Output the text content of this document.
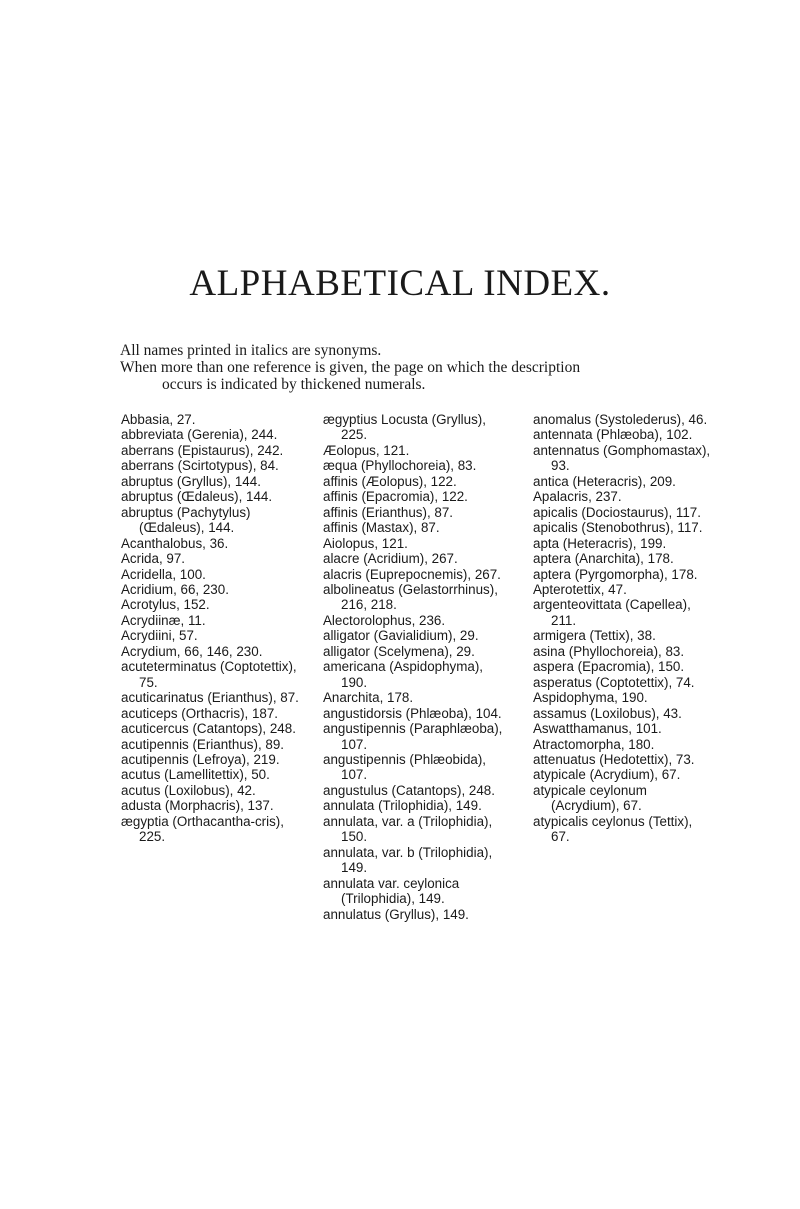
ALPHABETICAL INDEX.

All names printed in italics are synonyms.

When more than one reference is given, the page on which the description

occurs is indicated by thickened numerals.

Abbasia, 27.

abbreviata (Gerenia), 244.

aberrans (Epistaurus), 242.

aberrans (Scirtotypus), 84.

abruptus (Gryllus), 144.

abruptus (Œdaleus), 144.

abruptus (Pachytylus) (Œdaleus), 144.

Acanthalobus, 36.

Acrida, 97.

Acridella, 100.

Acridium, 66, 230.

Acrotylus, 152.

Acrydiinæ, 11.

Acrydiini, 57.

Acrydium, 66, 146, 230.

acuteterminatus (Coptotettix), 75.

acuticarinatus (Erianthus), 87.

acuticeps (Orthacris), 187.

acuticercus (Catantops), 248.

acutipennis (Erianthus), 89.

acutipennis (Lefroya), 219.

acutus (Lamellitettix), 50.

acutus (Loxilobus), 42.

adusta (Morphacris), 137.

ægyptia (Orthacantha-cris), 225.

ægyptius Locusta (Gryllus), 225.

Æolopus, 121.

æqua (Phyllochoreia), 83.

affinis (Æolopus), 122.

affinis (Epacromia), 122.

affinis (Erianthus), 87.

affinis (Mastax), 87.

Aiolopus, 121.

alacre (Acridium), 267.

alacris (Euprepocnemis), 267.

albolineatus (Gelastorrhinus), 216, 218.

Alectorolophus, 236.

alligator (Gavialidium), 29.

alligator (Scelymena), 29.

americana (Aspidophyma), 190.

Anarchita, 178.

angustidorsis (Phlæoba), 104.

angustipennis (Paraphlæoba), 107.

angustipennis (Phlæobida), 107.

angustulus (Catantops), 248.

annulata (Trilophidia), 149.

annulata, var. a (Trilophidia), 150.

annulata, var. b (Trilophidia), 149.

annulata var. ceylonica (Trilophidia), 149.

annulatus (Gryllus), 149.

anomalus (Systolederus), 46.

antennata (Phlæoba), 102.

antennatus (Gomphomastax), 93.

antica (Heteracris), 209.

Apalacris, 237.

apicalis (Dociostaurus), 117.

apicalis (Stenobothrus), 117.

apta (Heteracris), 199.

aptera (Anarchita), 178.

aptera (Pyrgomorpha), 178.

Apterotettix, 47.

argenteovittata (Capellea), 211.

armigera (Tettix), 38.

asina (Phyllochoreia), 83.

aspera (Epacromia), 150.

asperatus (Coptotettix), 74.

Aspidophyma, 190.

assamus (Loxilobus), 43.

Aswatthamanus, 101.

Atractomorpha, 180.

attenuatus (Hedotettix), 73.

atypicale (Acrydium), 67.

atypicale ceylonum (Acrydium), 67.

atypicalis ceylonus (Tettix), 67.
